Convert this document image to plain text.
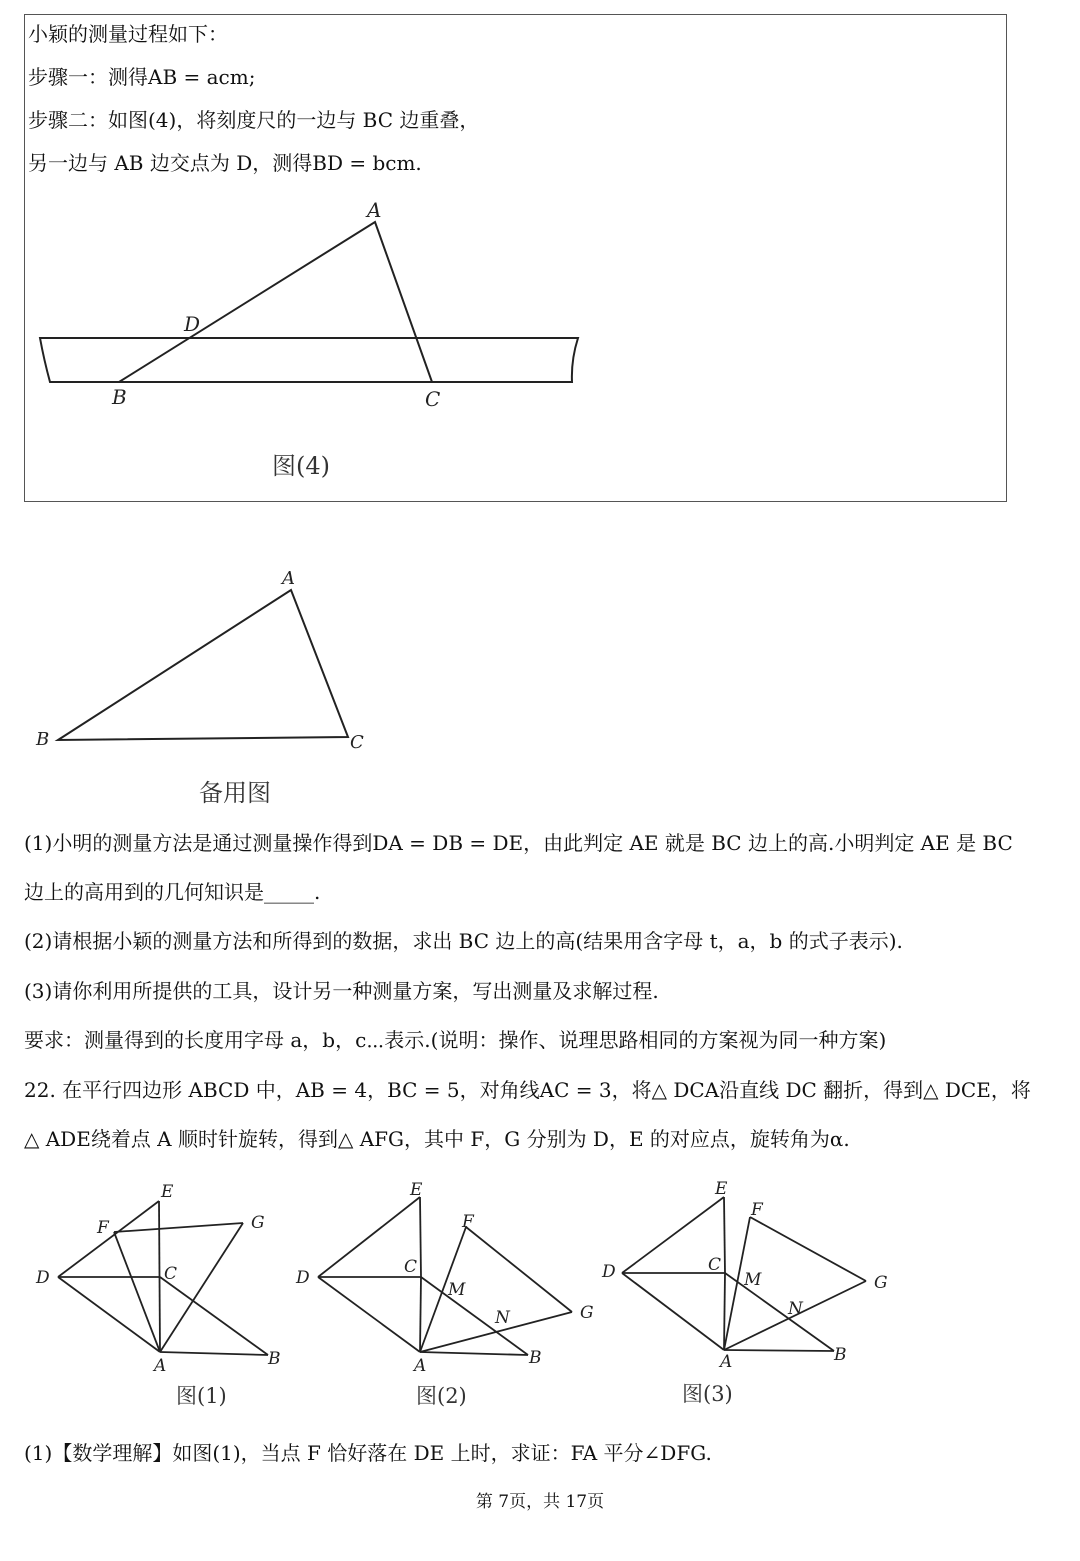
小颖的测量过程如下：
步骤一：测得AB = acm;
步骤二：如图(4)，将刻度尺的一边与 BC 边重叠，
另一边与 AB 边交点为 D，测得BD = bcm.
A
D
B	C
图(4)
A
B	C
备用图
(1)小明的测量方法是通过测量操作得到DA = DB = DE，由此判定 AE 就是 BC 边上的高.小明判定 AE 是 BC
边上的高用到的几何知识是_____.
(2)请根据小颖的测量方法和所得到的数据，求出 BC 边上的高(结果用含字母 t，a，b 的式子表示).
(3)请你利用所提供的工具，设计另一种测量方案，写出测量及求解过程.
要求：测量得到的长度用字母 a，b，c⋯表示.(说明：操作、说理思路相同的方案视为同一种方案)
22. 在平行四边形 ABCD 中，AB = 4，BC = 5，对角线AC = 3，将△ DCA沿直线 DC 翻折，得到△ DCE，将
△ ADE绕着点 A 顺时针旋转，得到△ AFG，其中 F，G 分别为 D，E 的对应点，旋转角为α.
E
F	G
D	C
A	B
图(1)
E
F
G
D
C
M
N
A	B
图(2)
E
F
G
D	C
M
N
A	B
图(3)
(1)【数学理解】如图(1)，当点 F 恰好落在 DE 上时，求证：FA 平分∠DFG.
第 7页，共 17页
